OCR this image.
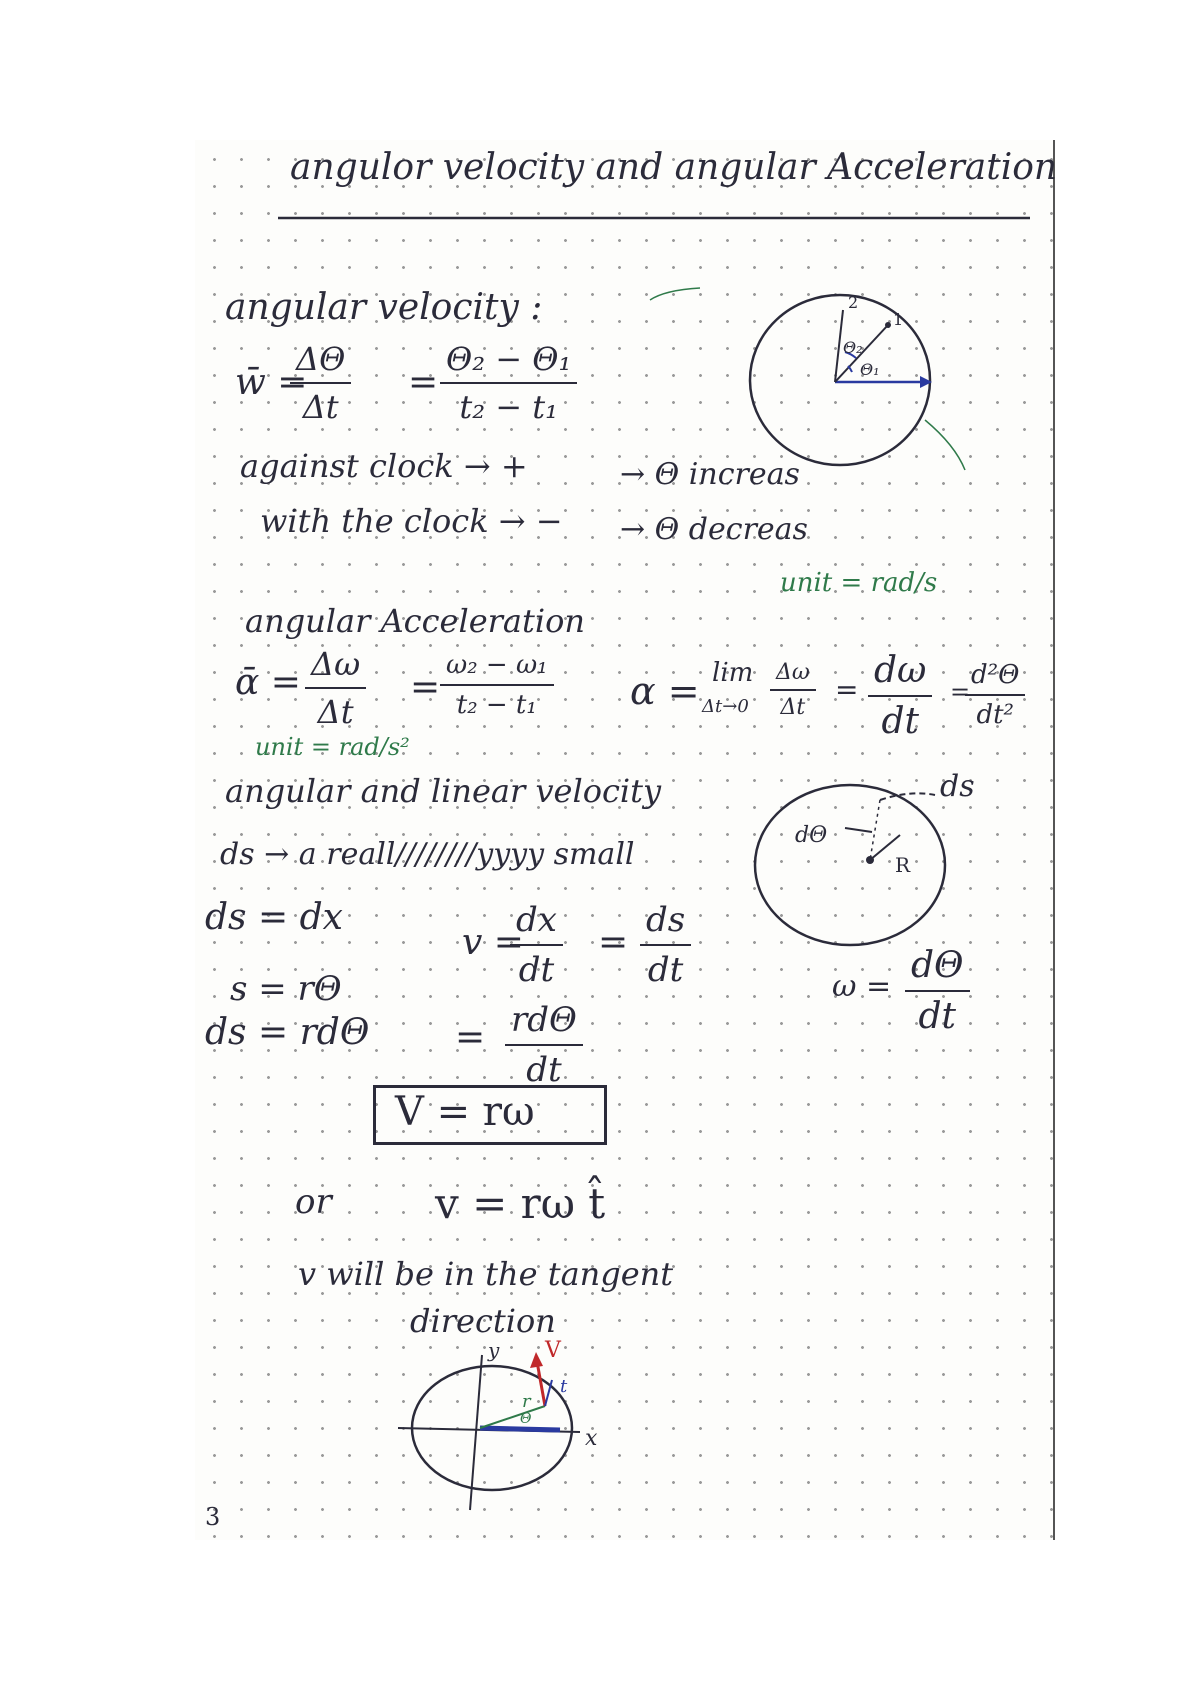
angulor velocity and angular Acceleration
angular velocity :
w̄ =
$\frac{\Delta\Theta}{\Delta t} = \frac{\text{Θ₂ − Θ₁}}{\text{t₂ − t₁}}$
against clock → +	→ Θ increas
with the clock → − → Θ decreas
unit = rad/s
2
1
Θ₂
Θ₁
angular Acceleration
ᾱ = $\frac{\Delta\omega}{\Delta t} = \frac{\text{ω₂ − ω₁}}{\text{t₂ − t₁}}$ α = lim
$\Delta t\to 0 \frac{\Delta\omega}{\Delta t} = \frac{d\omega}{dt}$ =
$\frac{\text{d²Θ}}{\text{dt²}}$
unit = rad/s²
angular and linear velocity
ds → a reall////////yyyy small
ds
dΘ
R
ds = dx
v =
$\frac{dx}{dt} = \frac{ds}{dt}$	$\omega = \frac{d\Theta}{dt}$
s = rΘ
ds = rdΘ = rdΘ
dt
V = rω
or v = rω t̂
v will be in the tangent
direction
y
x
V
t
r
Θ
3
